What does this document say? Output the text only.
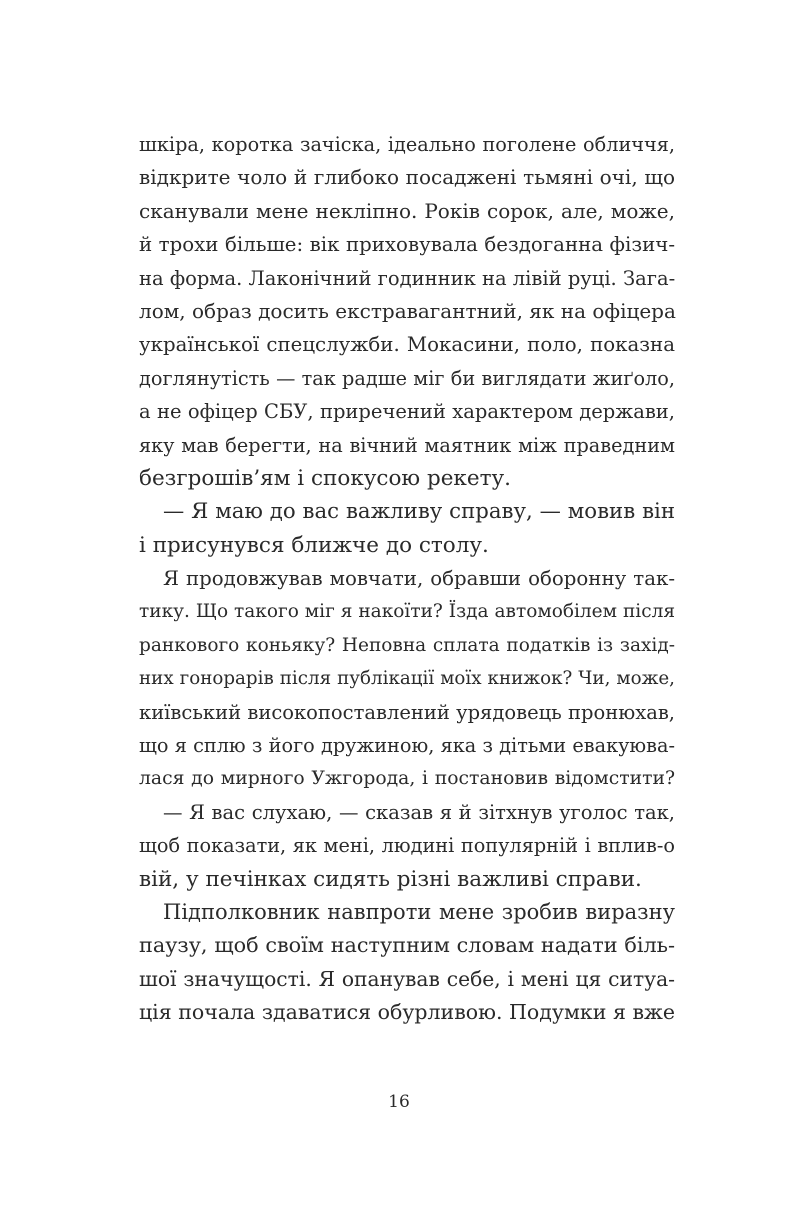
шкіра, коротка зачіска, ідеально поголене обличчя,
відкрите чоло й глибоко посаджені тьмяні очі, що
сканували мене некліпно. Років сорок, але, може,
й трохи більше: вік приховувала бездоганна фізич-
на форма. Лаконічний годинник на лівій руці. Зага-
лом, образ досить екстравагантний, як на офіцера
української спецслужби. Мокасини, поло, показна
доглянутість — так радше міг би виглядати жиґоло,
а не офіцер СБУ, приречений характером держави,
яку мав берегти, на вічний маятник між праведним
безгрошів’ям і спокусою рекету.
— Я маю до вас важливу справу, — мовив він
і присунувся ближче до столу.
Я продовжував мовчати, обравши оборонну так-
тику. Що такого міг я накоїти? Їзда автомобілем після
ранкового коньяку? Неповна сплата податків із захід-
них гонорарів після публікації моїх книжок? Чи, може,
київський високопоставлений урядовець пронюхав,
що я сплю з його дружиною, яка з дітьми евакуюва-
лася до мирного Ужгорода, і постановив відомстити?
— Я вас слухаю, — сказав я й зітхнув уголос так,
щоб показати, як мені, людині популярній і вплив-о
вій, у печінках сидять різні важливі справи.
Підполковник навпроти мене зробив виразну
паузу, щоб своїм наступним словам надати біль-
шої значущості. Я опанував себе, і мені ця ситуа-
ція почала здаватися обурливою. Подумки я вже
16
